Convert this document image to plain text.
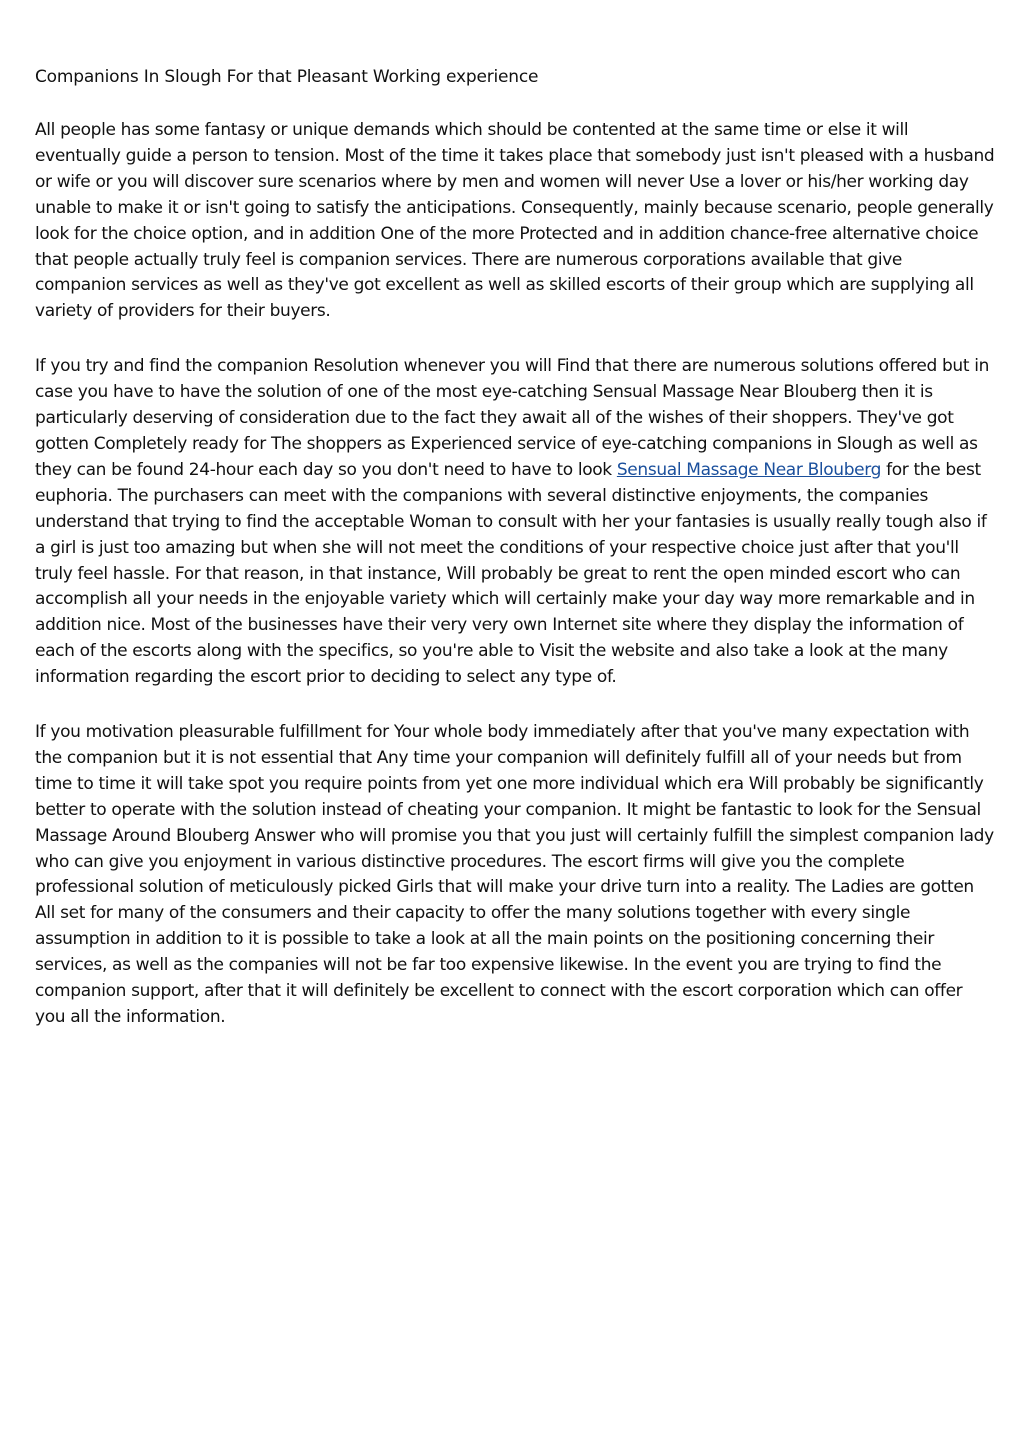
Companions In Slough For that Pleasant Working experience

All people has some fantasy or unique demands which should be contented at the same time or else it will eventually guide a person to tension. Most of the time it takes place that somebody just isn't pleased with a husband or wife or you will discover sure scenarios where by men and women will never Use a lover or his/her working day unable to make it or isn't going to satisfy the anticipations. Consequently, mainly because scenario, people generally look for the choice option, and in addition One of the more Protected and in addition chance-free alternative choice that people actually truly feel is companion services. There are numerous corporations available that give companion services as well as they've got excellent as well as skilled escorts of their group which are supplying all variety of providers for their buyers.

If you try and find the companion Resolution whenever you will Find that there are numerous solutions offered but in case you have to have the solution of one of the most eye-catching Sensual Massage Near Blouberg then it is particularly deserving of consideration due to the fact they await all of the wishes of their shoppers. They've got gotten Completely ready for The shoppers as Experienced service of eye-catching companions in Slough as well as they can be found 24-hour each day so you don't need to have to look Sensual Massage Near Blouberg for the best euphoria. The purchasers can meet with the companions with several distinctive enjoyments, the companies understand that trying to find the acceptable Woman to consult with her your fantasies is usually really tough also if a girl is just too amazing but when she will not meet the conditions of your respective choice just after that you'll truly feel hassle. For that reason, in that instance, Will probably be great to rent the open minded escort who can accomplish all your needs in the enjoyable variety which will certainly make your day way more remarkable and in addition nice. Most of the businesses have their very very own Internet site where they display the information of each of the escorts along with the specifics, so you're able to Visit the website and also take a look at the many information regarding the escort prior to deciding to select any type of.

If you motivation pleasurable fulfillment for Your whole body immediately after that you've many expectation with the companion but it is not essential that Any time your companion will definitely fulfill all of your needs but from time to time it will take spot you require points from yet one more individual which era Will probably be significantly better to operate with the solution instead of cheating your companion. It might be fantastic to look for the Sensual Massage Around Blouberg Answer who will promise you that you just will certainly fulfill the simplest companion lady who can give you enjoyment in various distinctive procedures. The escort firms will give you the complete professional solution of meticulously picked Girls that will make your drive turn into a reality. The Ladies are gotten All set for many of the consumers and their capacity to offer the many solutions together with every single assumption in addition to it is possible to take a look at all the main points on the positioning concerning their services, as well as the companies will not be far too expensive likewise. In the event you are trying to find the companion support, after that it will definitely be excellent to connect with the escort corporation which can offer you all the information.
